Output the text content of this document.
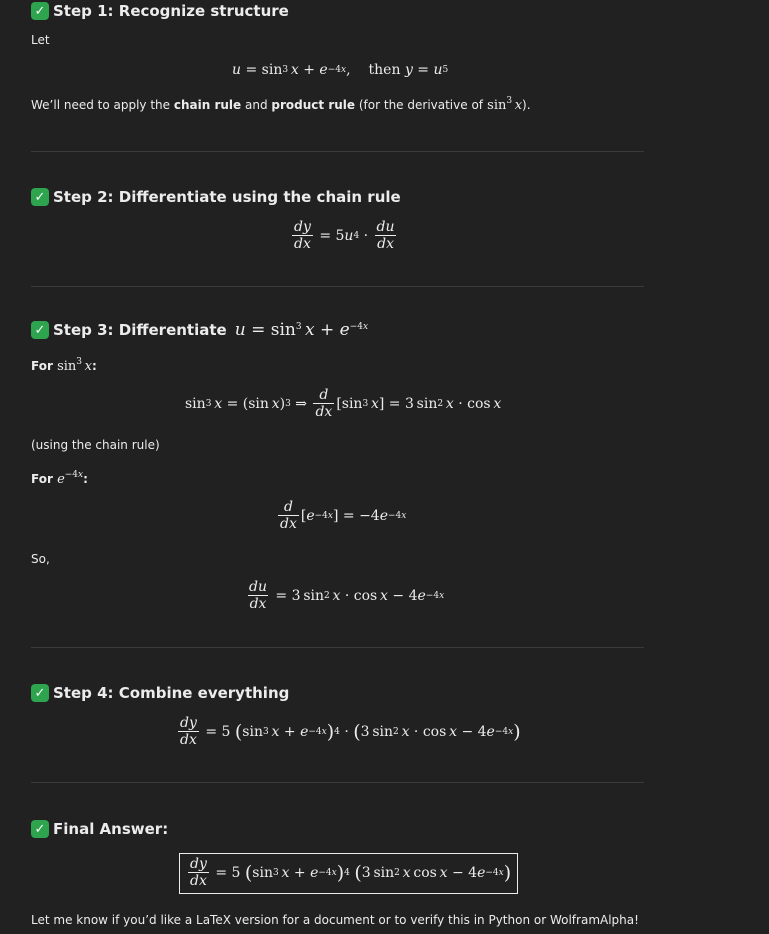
✓ Step 1: Recognize structure
Let
u = sin 3
  x + e −4x , then
y = u 5
We’ll need to apply the chain rule and product rule (for the derivative of $\sin^3 x$).
✓ Step 2: Differentiate using the chain rule
$\frac{dy}{dx} = 5$ u $4 \cdot \frac{du}{dx}$
✓ Step 3: Differentiate $u = \sin^3 x + e^{-4x}$
For $\sin^3 x$:
sin 3
  x = (sin  x ) 3 ⇒ $\frac{d}{dx} [\sin$ 3
  x ] = 3 sin 2
  x · cos  x
(using the chain rule)
For $e^{-4x}$:
$\frac{d}{dx}$ [ e −4x ] = −4 e −4x
So,
$\frac{du}{dx} = 3$ sin 2
  x · cos  x − 4 e −4x
✓ Step 4: Combine everything
$\frac{dy}{dx} = 5$ ( sin 3
  x + e −4x ) 4 · ( 3 sin 2
  x · cos  x − 4 e −4x )
✓ Final Answer:
$\frac{dy}{dx} = 5$ ( sin 3
  x + e −4x ) 4
( 3 sin 2
  x  cos  x − 4 e −4x )
Let me know if you’d like a LaTeX version for a document or to verify this in Python or WolframAlpha!
